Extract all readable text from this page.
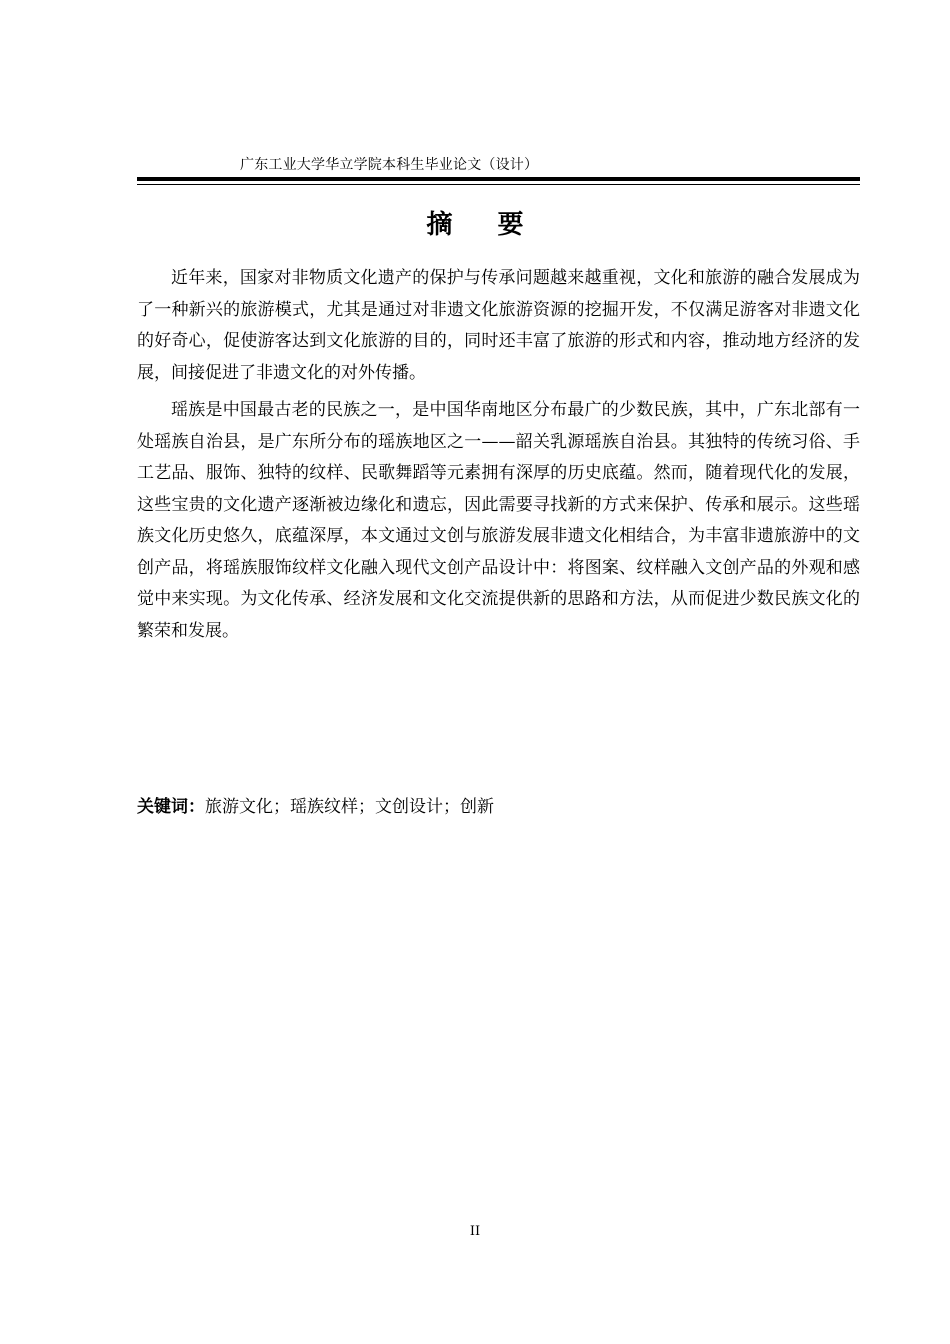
广东工业大学华立学院本科生毕业论文（设计）
摘 要

近年来，国家对非物质文化遗产的保护与传承问题越来越重视，文化和旅游的融合发展成为了一种新兴的旅游模式，尤其是通过对非遗文化旅游资源的挖掘开发，不仅满足游客对非遗文化的好奇心，促使游客达到文化旅游的目的，同时还丰富了旅游的形式和内容，推动地方经济的发展，间接促进了非遗文化的对外传播。

瑶族是中国最古老的民族之一，是中国华南地区分布最广的少数民族，其中，广东北部有一处瑶族自治县，是广东所分布的瑶族地区之一——韶关乳源瑶族自治县。其独特的传统习俗、手工艺品、服饰、独特的纹样、民歌舞蹈等元素拥有深厚的历史底蕴。然而，随着现代化的发展，这些宝贵的文化遗产逐渐被边缘化和遗忘，因此需要寻找新的方式来保护、传承和展示。这些瑶族文化历史悠久，底蕴深厚，本文通过文创与旅游发展非遗文化相结合，为丰富非遗旅游中的文创产品，将瑶族服饰纹样文化融入现代文创产品设计中：将图案、纹样融入文创产品的外观和感觉中来实现。为文化传承、经济发展和文化交流提供新的思路和方法，从而促进少数民族文化的繁荣和发展。

关键词：旅游文化；瑶族纹样；文创设计；创新
II
